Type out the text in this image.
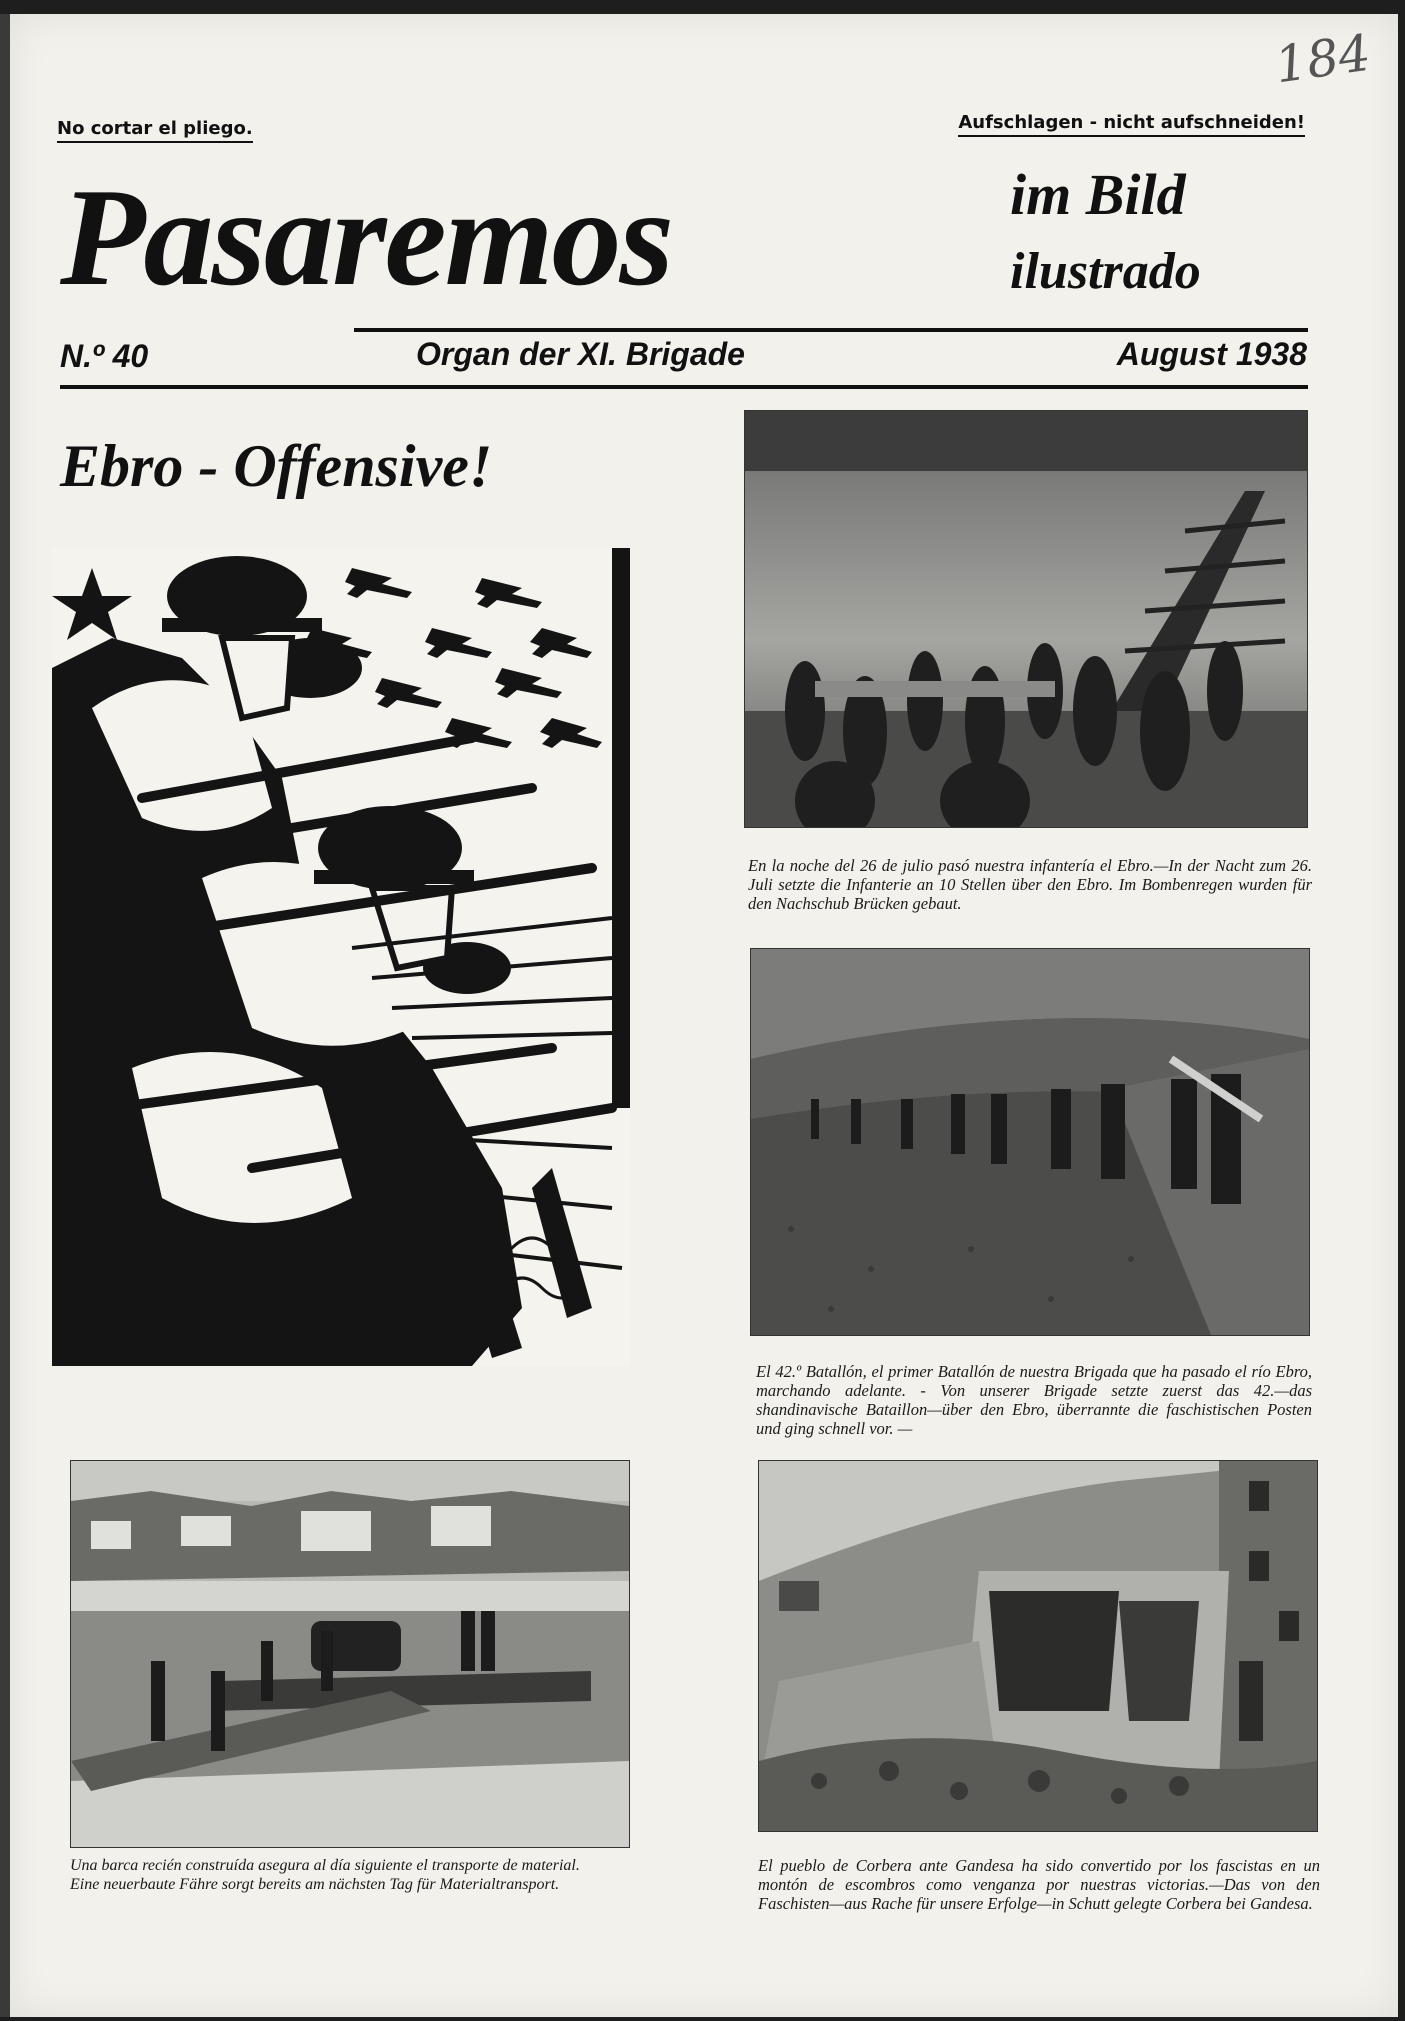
184
No cortar el pliego.	Aufschlagen - nicht aufschneiden!
Pasaremos	im Bild
ilustrado
N.º 40	Organ der XI. Brigade	August 1938
Ebro - Offensive!

En la noche del 26 de julio pasó nuestra infantería el Ebro.—In der Nacht zum 26. Juli setzte die Infanterie an 10 Stellen über den Ebro. Im Bombenregen wurden für den Nachschub Brücken gebaut.

El 42.º Batallón, el primer Batallón de nuestra Brigada que ha pasado el río Ebro, marchando adelante. - Von unserer Brigade setzte zuerst das 42.—das shandinavische Bataillon—über den Ebro, überrannte die faschistischen Posten und ging schnell vor. —

Una barca recién construída asegura al día siguiente el transporte de material.

Eine neuerbaute Fähre sorgt bereits am nächsten Tag für Materialtransport.

El pueblo de Corbera ante Gandesa ha sido convertido por los fascistas en un montón de escombros como venganza por nuestras victorias.—Das von den Faschisten—aus Rache für unsere Erfolge—in Schutt gelegte Corbera bei Gandesa.
